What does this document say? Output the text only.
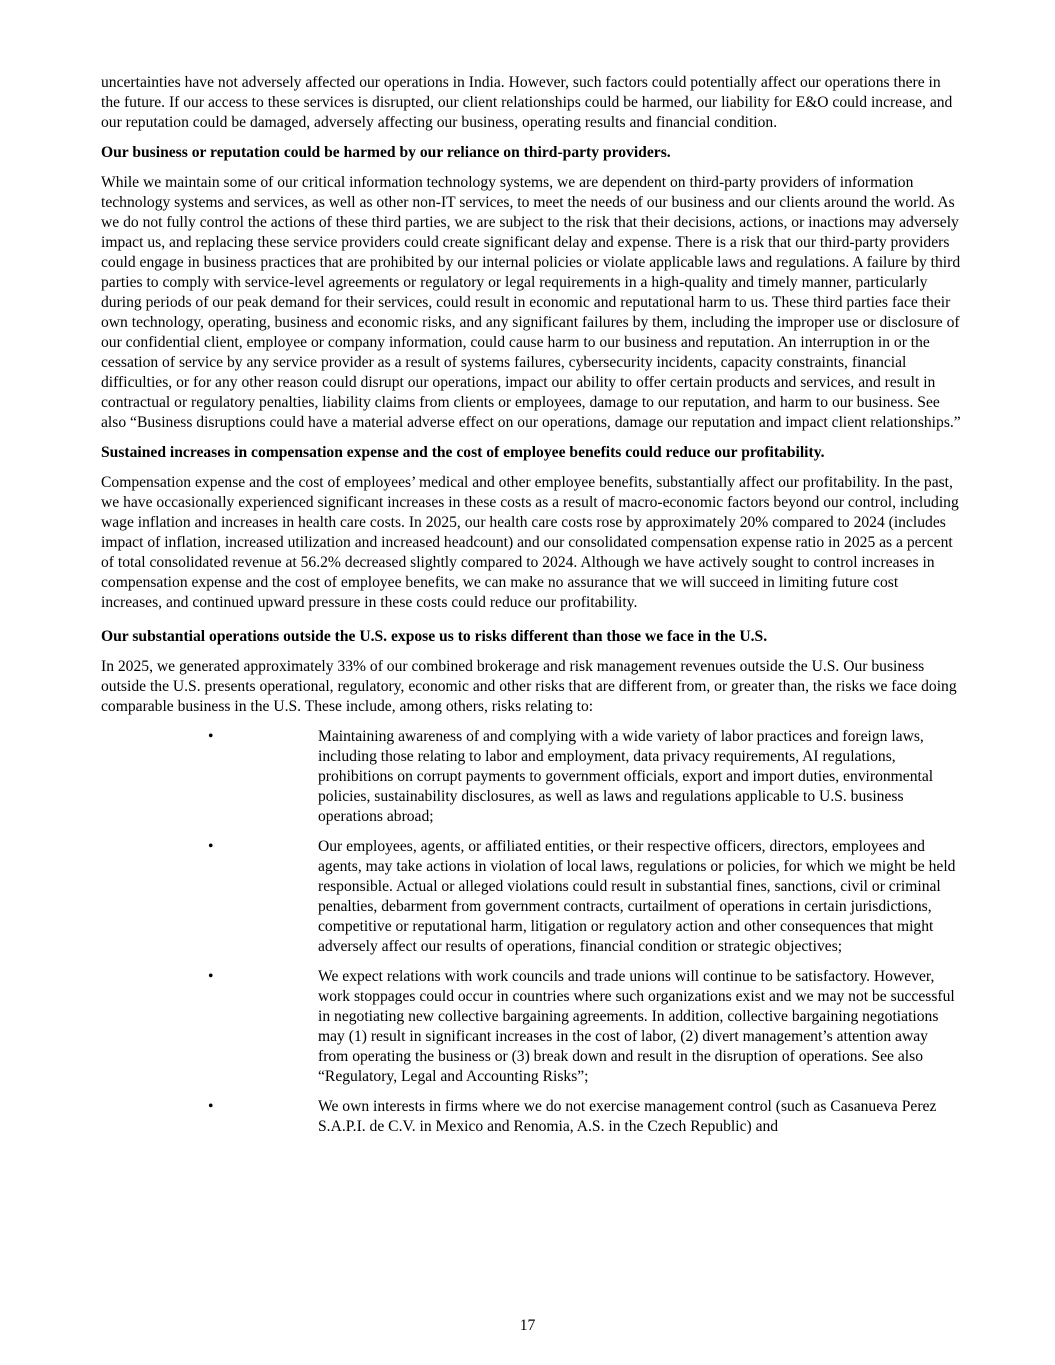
uncertainties have not adversely affected our operations in India. However, such factors could potentially affect our operations there in the future. If our access to these services is disrupted, our client relationships could be harmed, our liability for E&O could increase, and our reputation could be damaged, adversely affecting our business, operating results and financial condition.

Our business or reputation could be harmed by our reliance on third-party providers.

While we maintain some of our critical information technology systems, we are dependent on third-party providers of information technology systems and services, as well as other non-IT services, to meet the needs of our business and our clients around the world. As we do not fully control the actions of these third parties, we are subject to the risk that their decisions, actions, or inactions may adversely impact us, and replacing these service providers could create significant delay and expense. There is a risk that our third-party providers could engage in business practices that are prohibited by our internal policies or violate applicable laws and regulations. A failure by third parties to comply with service-level agreements or regulatory or legal requirements in a high-quality and timely manner, particularly during periods of our peak demand for their services, could result in economic and reputational harm to us. These third parties face their own technology, operating, business and economic risks, and any significant failures by them, including the improper use or disclosure of our confidential client, employee or company information, could cause harm to our business and reputation. An interruption in or the cessation of service by any service provider as a result of systems failures, cybersecurity incidents, capacity constraints, financial difficulties, or for any other reason could disrupt our operations, impact our ability to offer certain products and services, and result in contractual or regulatory penalties, liability claims from clients or employees, damage to our reputation, and harm to our business. See also “Business disruptions could have a material adverse effect on our operations, damage our reputation and impact client relationships.”

Sustained increases in compensation expense and the cost of employee benefits could reduce our profitability.

Compensation expense and the cost of employees’ medical and other employee benefits, substantially affect our profitability. In the past, we have occasionally experienced significant increases in these costs as a result of macro-economic factors beyond our control, including wage inflation and increases in health care costs. In 2025, our health care costs rose by approximately 20% compared to 2024 (includes impact of inflation, increased utilization and increased headcount) and our consolidated compensation expense ratio in 2025 as a percent of total consolidated revenue at 56.2% decreased slightly compared to 2024. Although we have actively sought to control increases in compensation expense and the cost of employee benefits, we can make no assurance that we will succeed in limiting future cost increases, and continued upward pressure in these costs could reduce our profitability.

Our substantial operations outside the U.S. expose us to risks different than those we face in the U.S.

In 2025, we generated approximately 33% of our combined brokerage and risk management revenues outside the U.S. Our business outside the U.S. presents operational, regulatory, economic and other risks that are different from, or greater than, the risks we face doing comparable business in the U.S. These include, among others, risks relating to:

•	Maintaining awareness of and complying with a wide variety of labor practices and foreign laws, including those relating to labor and employment, data privacy requirements, AI regulations, prohibitions on corrupt payments to government officials, export and import duties, environmental policies, sustainability disclosures, as well as laws and regulations applicable to U.S. business operations abroad;
•	Our employees, agents, or affiliated entities, or their respective officers, directors, employees and agents, may take actions in violation of local laws, regulations or policies, for which we might be held responsible. Actual or alleged violations could result in substantial fines, sanctions, civil or criminal penalties, debarment from government contracts, curtailment of operations in certain jurisdictions, competitive or reputational harm, litigation or regulatory action and other consequences that might adversely affect our results of operations, financial condition or strategic objectives;
•	We expect relations with work councils and trade unions will continue to be satisfactory. However, work stoppages could occur in countries where such organizations exist and we may not be successful in negotiating new collective bargaining agreements. In addition, collective bargaining negotiations may (1) result in significant increases in the cost of labor, (2) divert management’s attention away from operating the business or (3) break down and result in the disruption of operations. See also “Regulatory, Legal and Accounting Risks”;
•	We own interests in firms where we do not exercise management control (such as Casanueva Perez S.A.P.I. de C.V. in Mexico and Renomia, A.S. in the Czech Republic) and
17
